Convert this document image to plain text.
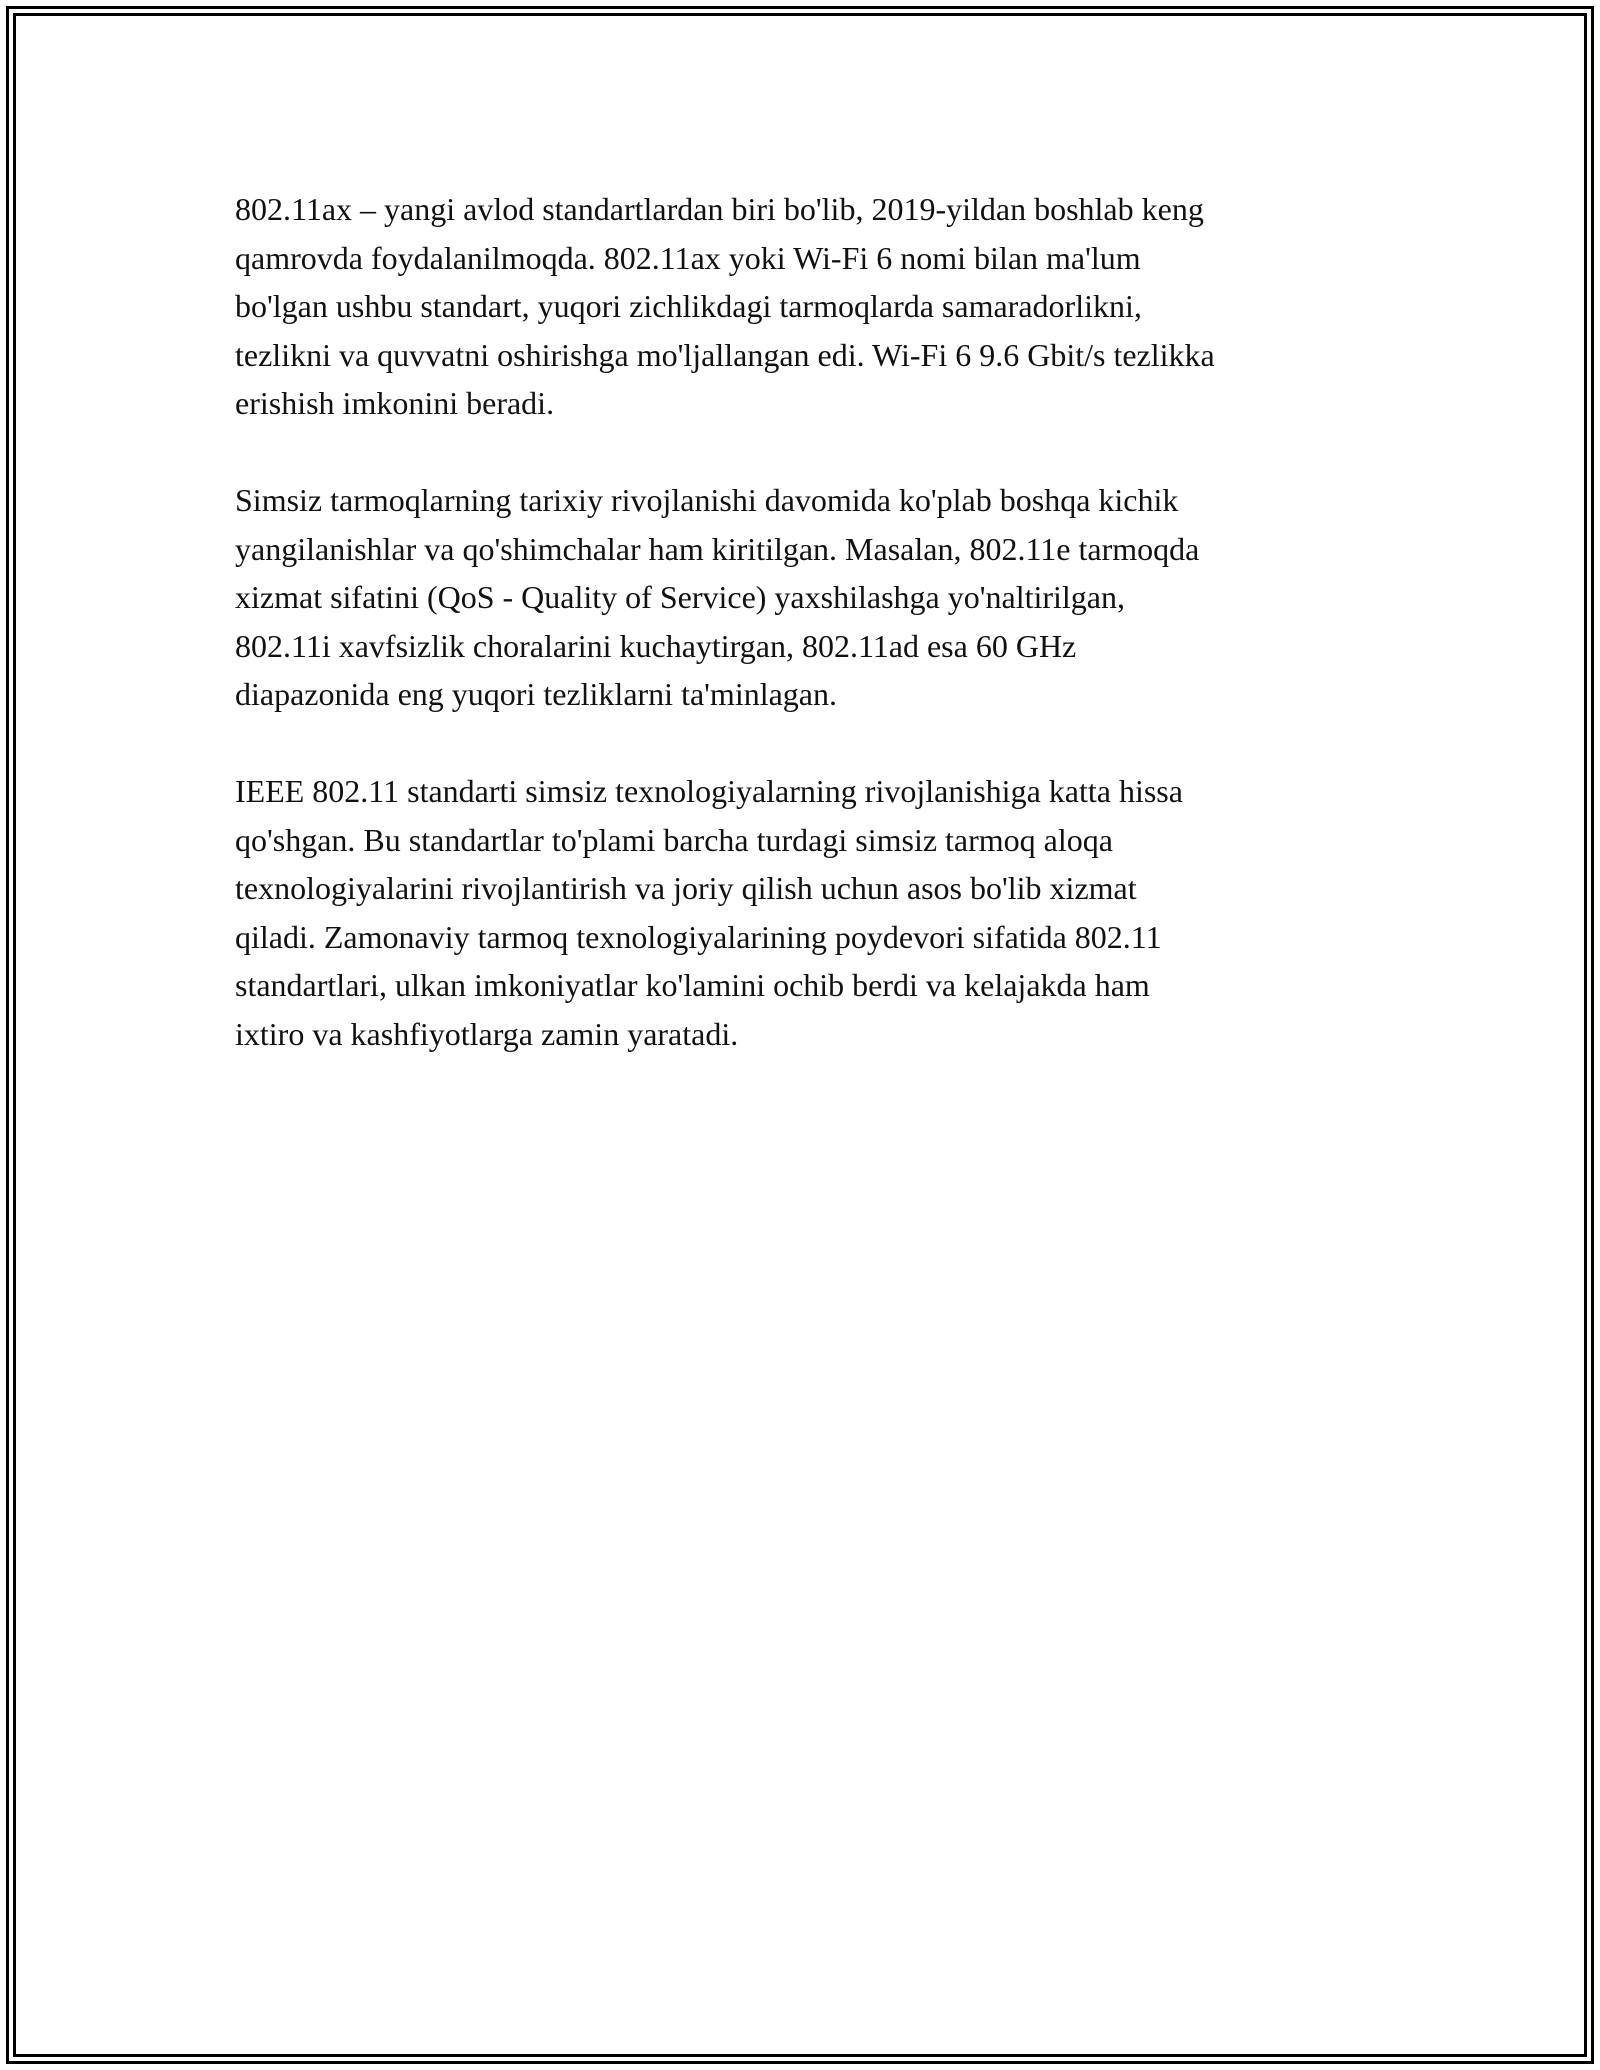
802.11ax – yangi avlod standartlardan biri bo'lib, 2019-yildan boshlab keng
qamrovda foydalanilmoqda. 802.11ax yoki Wi-Fi 6 nomi bilan ma'lum
bo'lgan ushbu standart, yuqori zichlikdagi tarmoqlarda samaradorlikni,
tezlikni va quvvatni oshirishga mo'ljallangan edi. Wi-Fi 6 9.6 Gbit/s tezlikka
erishish imkonini beradi.

Simsiz tarmoqlarning tarixiy rivojlanishi davomida ko'plab boshqa kichik
yangilanishlar va qo'shimchalar ham kiritilgan. Masalan, 802.11e tarmoqda
xizmat sifatini (QoS - Quality of Service) yaxshilashga yo'naltirilgan,
802.11i xavfsizlik choralarini kuchaytirgan, 802.11ad esa 60 GHz
diapazonida eng yuqori tezliklarni ta'minlagan.

IEEE 802.11 standarti simsiz texnologiyalarning rivojlanishiga katta hissa
qo'shgan. Bu standartlar to'plami barcha turdagi simsiz tarmoq aloqa
texnologiyalarini rivojlantirish va joriy qilish uchun asos bo'lib xizmat
qiladi. Zamonaviy tarmoq texnologiyalarining poydevori sifatida 802.11
standartlari, ulkan imkoniyatlar ko'lamini ochib berdi va kelajakda ham
ixtiro va kashfiyotlarga zamin yaratadi.
